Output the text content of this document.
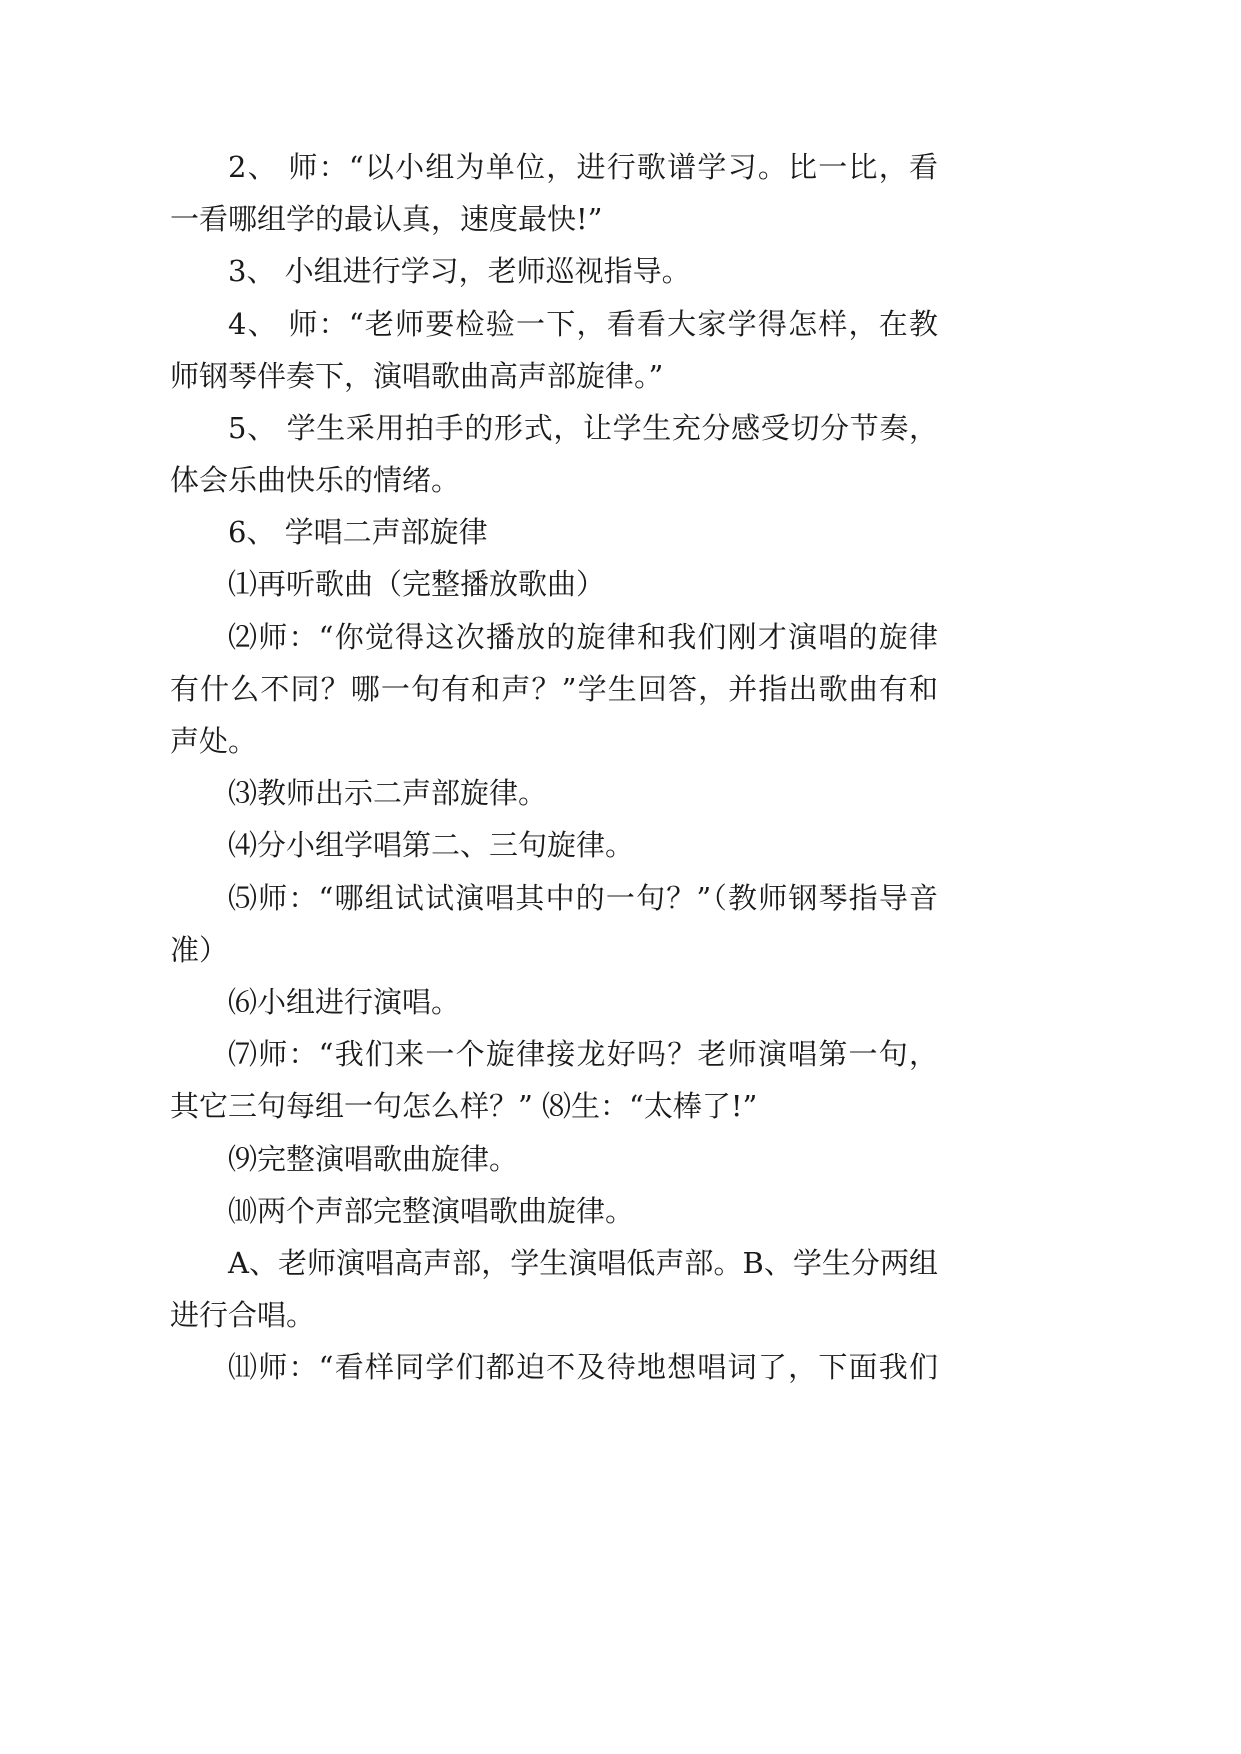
2、 师：“以小组为单位，进行歌谱学习。比一比，看

一看哪组学的最认真，速度最快!”

3、 小组进行学习，老师巡视指导。

4、 师：“老师要检验一下，看看大家学得怎样，在教

师钢琴伴奏下，演唱歌曲高声部旋律。”

5、 学生采用拍手的形式，让学生充分感受切分节奏，

体会乐曲快乐的情绪。

6、 学唱二声部旋律

⑴再听歌曲（完整播放歌曲）

⑵师：“你觉得这次播放的旋律和我们刚才演唱的旋律

有什么不同？哪一句有和声？”学生回答，并指出歌曲有和

声处。

⑶教师出示二声部旋律。

⑷分小组学唱第二、三句旋律。

⑸师：“哪组试试演唱其中的一句？”（教师钢琴指导音

准）

⑹小组进行演唱。

⑺师：“我们来一个旋律接龙好吗？老师演唱第一句，

其它三句每组一句怎么样？” ⑻生：“太棒了!”

⑼完整演唱歌曲旋律。

⑽两个声部完整演唱歌曲旋律。

A、老师演唱高声部，学生演唱低声部。B、学生分两组

进行合唱。

⑾师：“看样同学们都迫不及待地想唱词了，下面我们
